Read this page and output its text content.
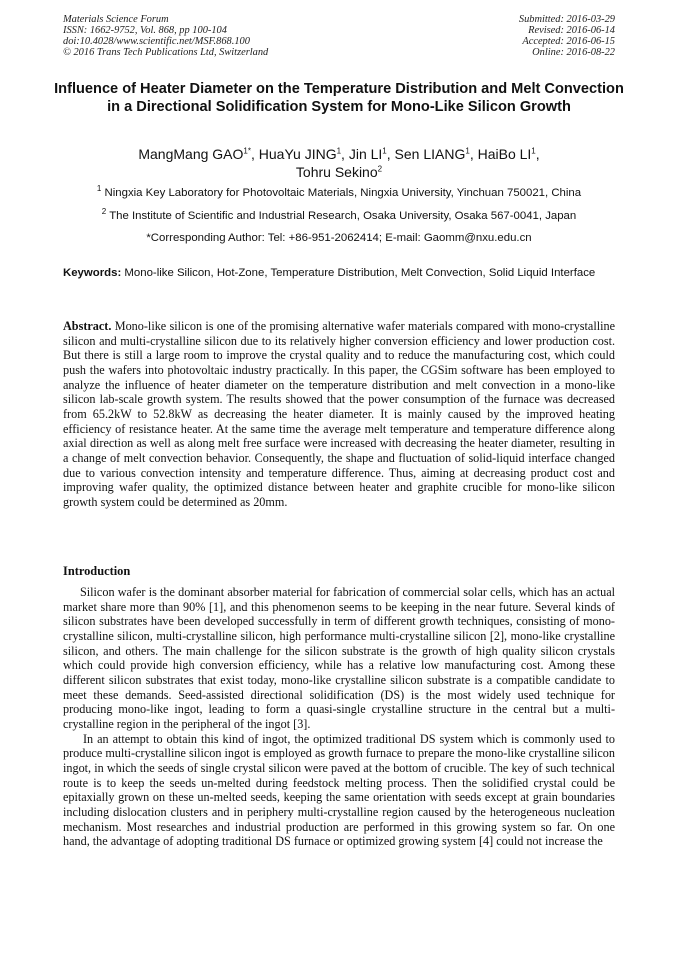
Materials Science Forum
ISSN: 1662-9752, Vol. 868, pp 100-104
doi:10.4028/www.scientific.net/MSF.868.100
© 2016 Trans Tech Publications Ltd, Switzerland
Submitted: 2016-03-29
Revised: 2016-06-14
Accepted: 2016-06-15
Online: 2016-08-22
Influence of Heater Diameter on the Temperature Distribution and Melt Convection in a Directional Solidification System for Mono-Like Silicon Growth
MangMang $GAO^{1*}$, HuaYu JING$^1$, Jin $LI^1$, Sen LIANG$^1$, HaiBo $LI^1$,
Tohru Sekino$^2$
$^1$ Ningxia Key Laboratory for Photovoltaic Materials, Ningxia University, Yinchuan 750021, China
$^2$ The Institute of Scientific and Industrial Research, Osaka University, Osaka 567-0041, Japan
*Corresponding Author: Tel: +86-951-2062414; E-mail: Gaomm@nxu.edu.cn
Keywords: Mono-like Silicon, Hot-Zone, Temperature Distribution, Melt Convection, Solid Liquid Interface
Abstract. Mono-like silicon is one of the promising alternative wafer materials compared with mono-crystalline silicon and multi-crystalline silicon due to its relatively higher conversion efficiency and lower production cost. But there is still a large room to improve the crystal quality and to reduce the manufacturing cost, which could push the wafers into photovoltaic industry practically. In this paper, the CGSim software has been employed to analyze the influence of heater diameter on the temperature distribution and melt convection in a mono-like silicon lab-scale growth system. The results showed that the power consumption of the furnace was decreased from 65.2kW to 52.8kW as decreasing the heater diameter. It is mainly caused by the improved heating efficiency of resistance heater. At the same time the average melt temperature and temperature difference along axial direction as well as along melt free surface were increased with decreasing the heater diameter, resulting in a change of melt convection behavior. Consequently, the shape and fluctuation of solid-liquid interface changed due to various convection intensity and temperature difference. Thus, aiming at decreasing product cost and improving wafer quality, the optimized distance between heater and graphite crucible for mono-like silicon growth system could be determined as 20mm.
Introduction

Silicon wafer is the dominant absorber material for fabrication of commercial solar cells, which has an actual market share more than 90% [1], and this phenomenon seems to be keeping in the near future. Several kinds of silicon substrates have been developed successfully in term of different growth techniques, consisting of mono-crystalline silicon, multi-crystalline silicon, high performance multi-crystalline silicon [2], mono-like crystalline silicon, and others. The main challenge for the silicon substrate is the growth of high quality silicon crystals which could provide high conversion efficiency, while has a relative low manufacturing cost. Among these different silicon substrates that exist today, mono-like crystalline silicon substrate is a compatible candidate to meet these demands. Seed-assisted directional solidification (DS) is the most widely used technique for producing mono-like ingot, leading to form a quasi-single crystalline structure in the central but a multi-crystalline region in the peripheral of the ingot [3].

In an attempt to obtain this kind of ingot, the optimized traditional DS system which is commonly used to produce multi-crystalline silicon ingot is employed as growth furnace to prepare the mono-like crystalline silicon ingot, in which the seeds of single crystal silicon were paved at the bottom of crucible. The key of such technical route is to keep the seeds un-melted during feedstock melting process. Then the solidified crystal could be epitaxially grown on these un-melted seeds, keeping the same orientation with seeds except at grain boundaries including dislocation clusters and in periphery multi-crystalline region caused by the heterogeneous nucleation mechanism. Most researches and industrial production are performed in this growing system so far. On one hand, the advantage of adopting traditional DS furnace or optimized growing system [4] could not increase the
